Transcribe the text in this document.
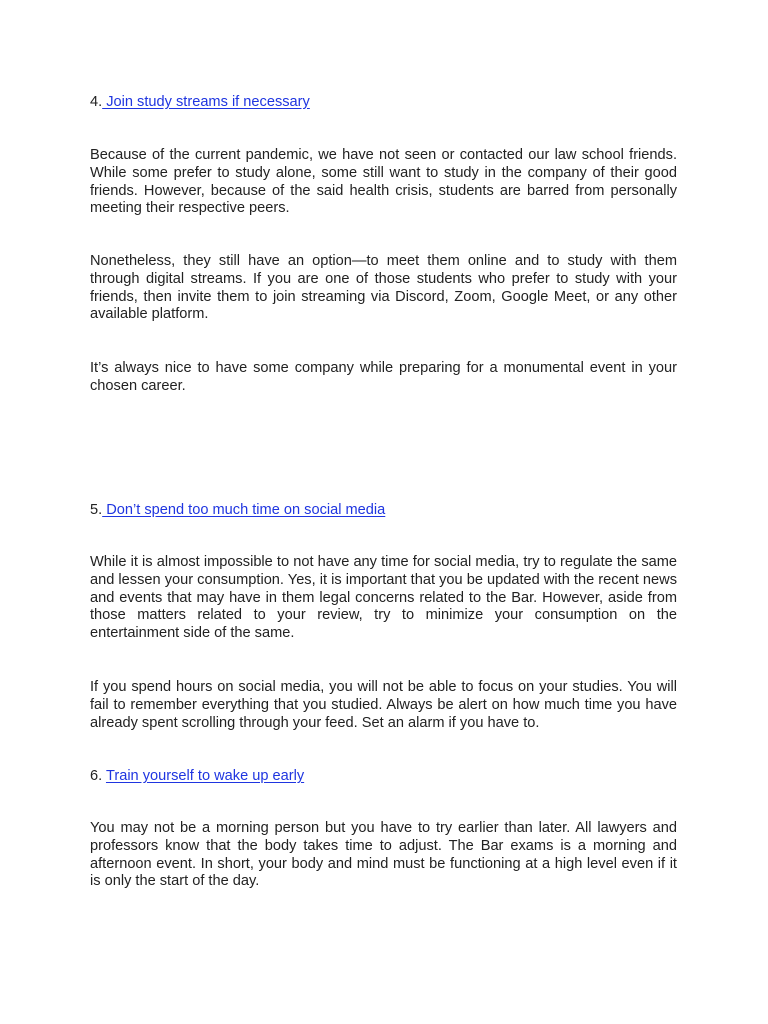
4. Join study streams if necessary
Because of the current pandemic, we have not seen or contacted our law school friends. While some prefer to study alone, some still want to study in the company of their good friends. However, because of the said health crisis, students are barred from personally meeting their respective peers.
Nonetheless, they still have an option—to meet them online and to study with them through digital streams. If you are one of those students who prefer to study with your friends, then invite them to join streaming via Discord, Zoom, Google Meet, or any other available platform.
It’s always nice to have some company while preparing for a monumental event in your chosen career.
5. Don’t spend too much time on social media
While it is almost impossible to not have any time for social media, try to regulate the same and lessen your consumption. Yes, it is important that you be updated with the recent news and events that may have in them legal concerns related to the Bar. However, aside from those matters related to your review, try to minimize your consumption on the entertainment side of the same.
If you spend hours on social media, you will not be able to focus on your studies. You will fail to remember everything that you studied. Always be alert on how much time you have already spent scrolling through your feed. Set an alarm if you have to.
6. Train yourself to wake up early
You may not be a morning person but you have to try earlier than later. All lawyers and professors know that the body takes time to adjust. The Bar exams is a morning and afternoon event. In short, your body and mind must be functioning at a high level even if it is only the start of the day.
